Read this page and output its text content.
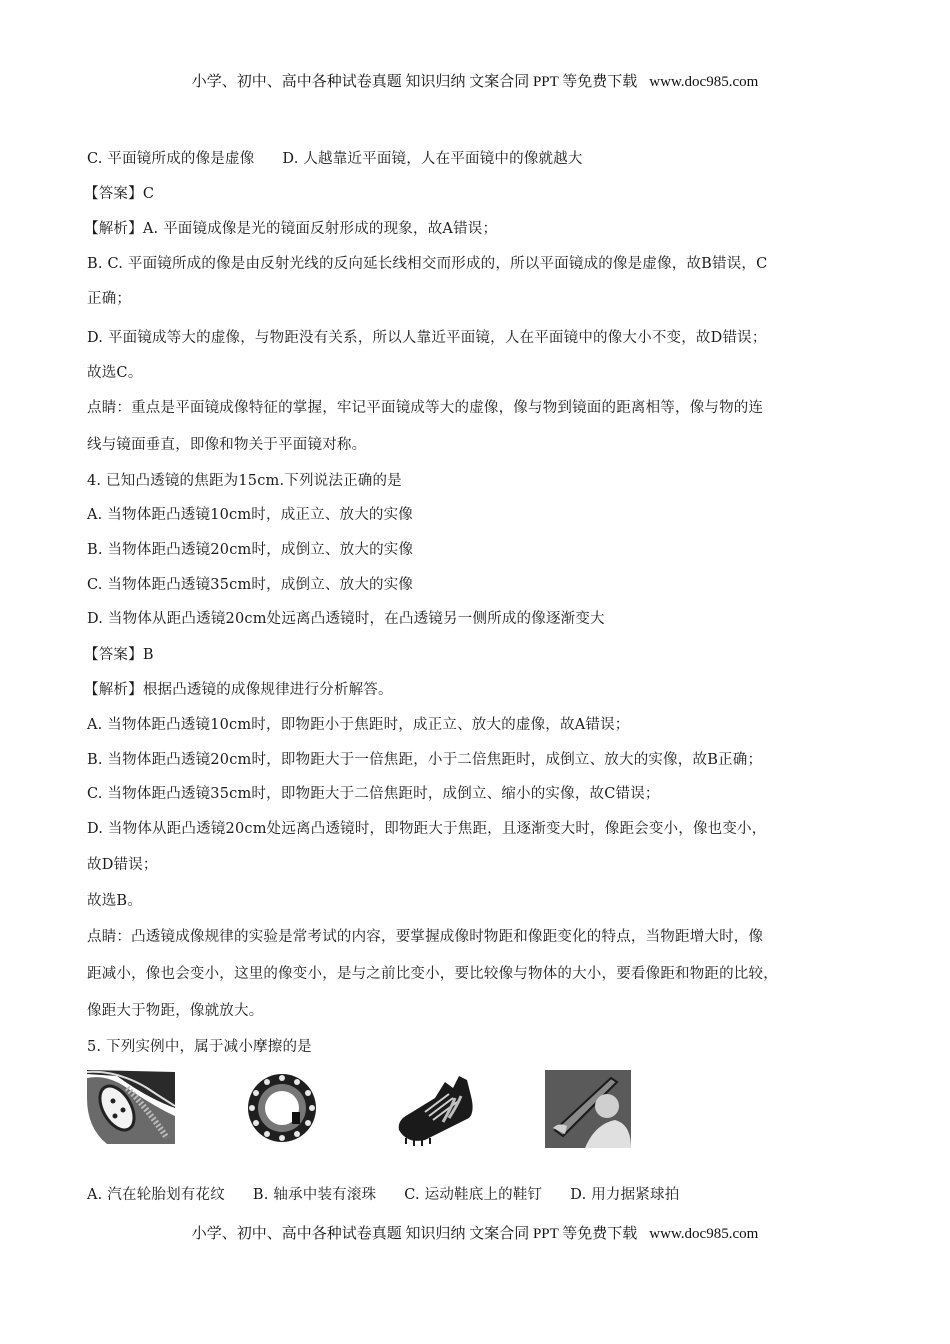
小学、初中、高中各种试卷真题 知识归纳 文案合同 PPT 等免费下载 www.doc985.com
C. 平面镜所成的像是虚像 D. 人越靠近平面镜，人在平面镜中的像就越大
【答案】C
【解析】A. 平面镜成像是光的镜面反射形成的现象，故A错误；
B. C. 平面镜所成的像是由反射光线的反向延长线相交而形成的，所以平面镜成的像是虚像，故B错误，C
正确；
D. 平面镜成等大的虚像，与物距没有关系，所以人靠近平面镜，人在平面镜中的像大小不变，故D错误；
故选C。
点睛：重点是平面镜成像特征的掌握，牢记平面镜成等大的虚像，像与物到镜面的距离相等，像与物的连
线与镜面垂直，即像和物关于平面镜对称。
4. 已知凸透镜的焦距为15cm.下列说法正确的是
A. 当物体距凸透镜10cm时，成正立、放大的实像
B. 当物体距凸透镜20cm时，成倒立、放大的实像
C. 当物体距凸透镜35cm时，成倒立、放大的实像
D. 当物体从距凸透镜20cm处远离凸透镜时，在凸透镜另一侧所成的像逐渐变大
【答案】B
【解析】根据凸透镜的成像规律进行分析解答。
A. 当物体距凸透镜10cm时，即物距小于焦距时，成正立、放大的虚像，故A错误；
B. 当物体距凸透镜20cm时，即物距大于一倍焦距，小于二倍焦距时，成倒立、放大的实像，故B正确；
C. 当物体距凸透镜35cm时，即物距大于二倍焦距时，成倒立、缩小的实像，故C错误；
D. 当物体从距凸透镜20cm处远离凸透镜时，即物距大于焦距，且逐渐变大时，像距会变小，像也变小，
故D错误；
故选B。
点睛：凸透镜成像规律的实验是常考试的内容，要掌握成像时物距和像距变化的特点，当物距增大时，像
距减小，像也会变小，这里的像变小，是与之前比变小，要比较像与物体的大小，要看像距和物距的比较，
像距大于物距，像就放大。
5. 下列实例中，属于减小摩擦的是
A. 汽在轮胎划有花纹 B. 轴承中装有滚珠 C. 运动鞋底上的鞋钉 D. 用力据紧球拍
小学、初中、高中各种试卷真题 知识归纳 文案合同 PPT 等免费下载 www.doc985.com
